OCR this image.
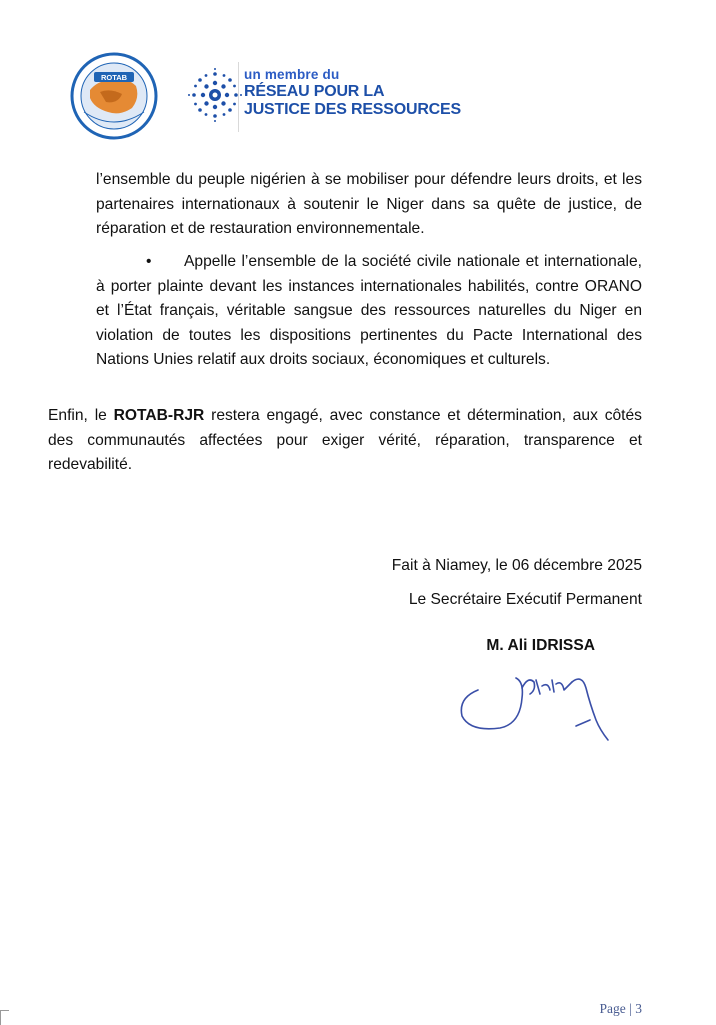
ROTAB	un membre du
RÉSEAU POUR LA
JUSTICE DES RESSOURCES

l’ensemble du peuple nigérien à se mobiliser pour défendre leurs droits, et les partenaires internationaux à soutenir le Niger dans sa quête de justice, de réparation et de restauration environnementale.

•	Appelle l’ensemble de la société civile nationale et internationale, à porter plainte devant les instances internationales habilités, contre ORANO et l’État français, véritable sangsue des ressources naturelles du Niger en violation de toutes les dispositions pertinentes du Pacte International des Nations Unies relatif aux droits sociaux, économiques et culturels.

Enfin, le ROTAB-RJR restera engagé, avec constance et détermination, aux côtés des communautés affectées pour exiger vérité, réparation, transparence et redevabilité.

Fait à Niamey, le 06 décembre 2025
Le Secrétaire Exécutif Permanent
M. Ali IDRISSA
Page | 3
